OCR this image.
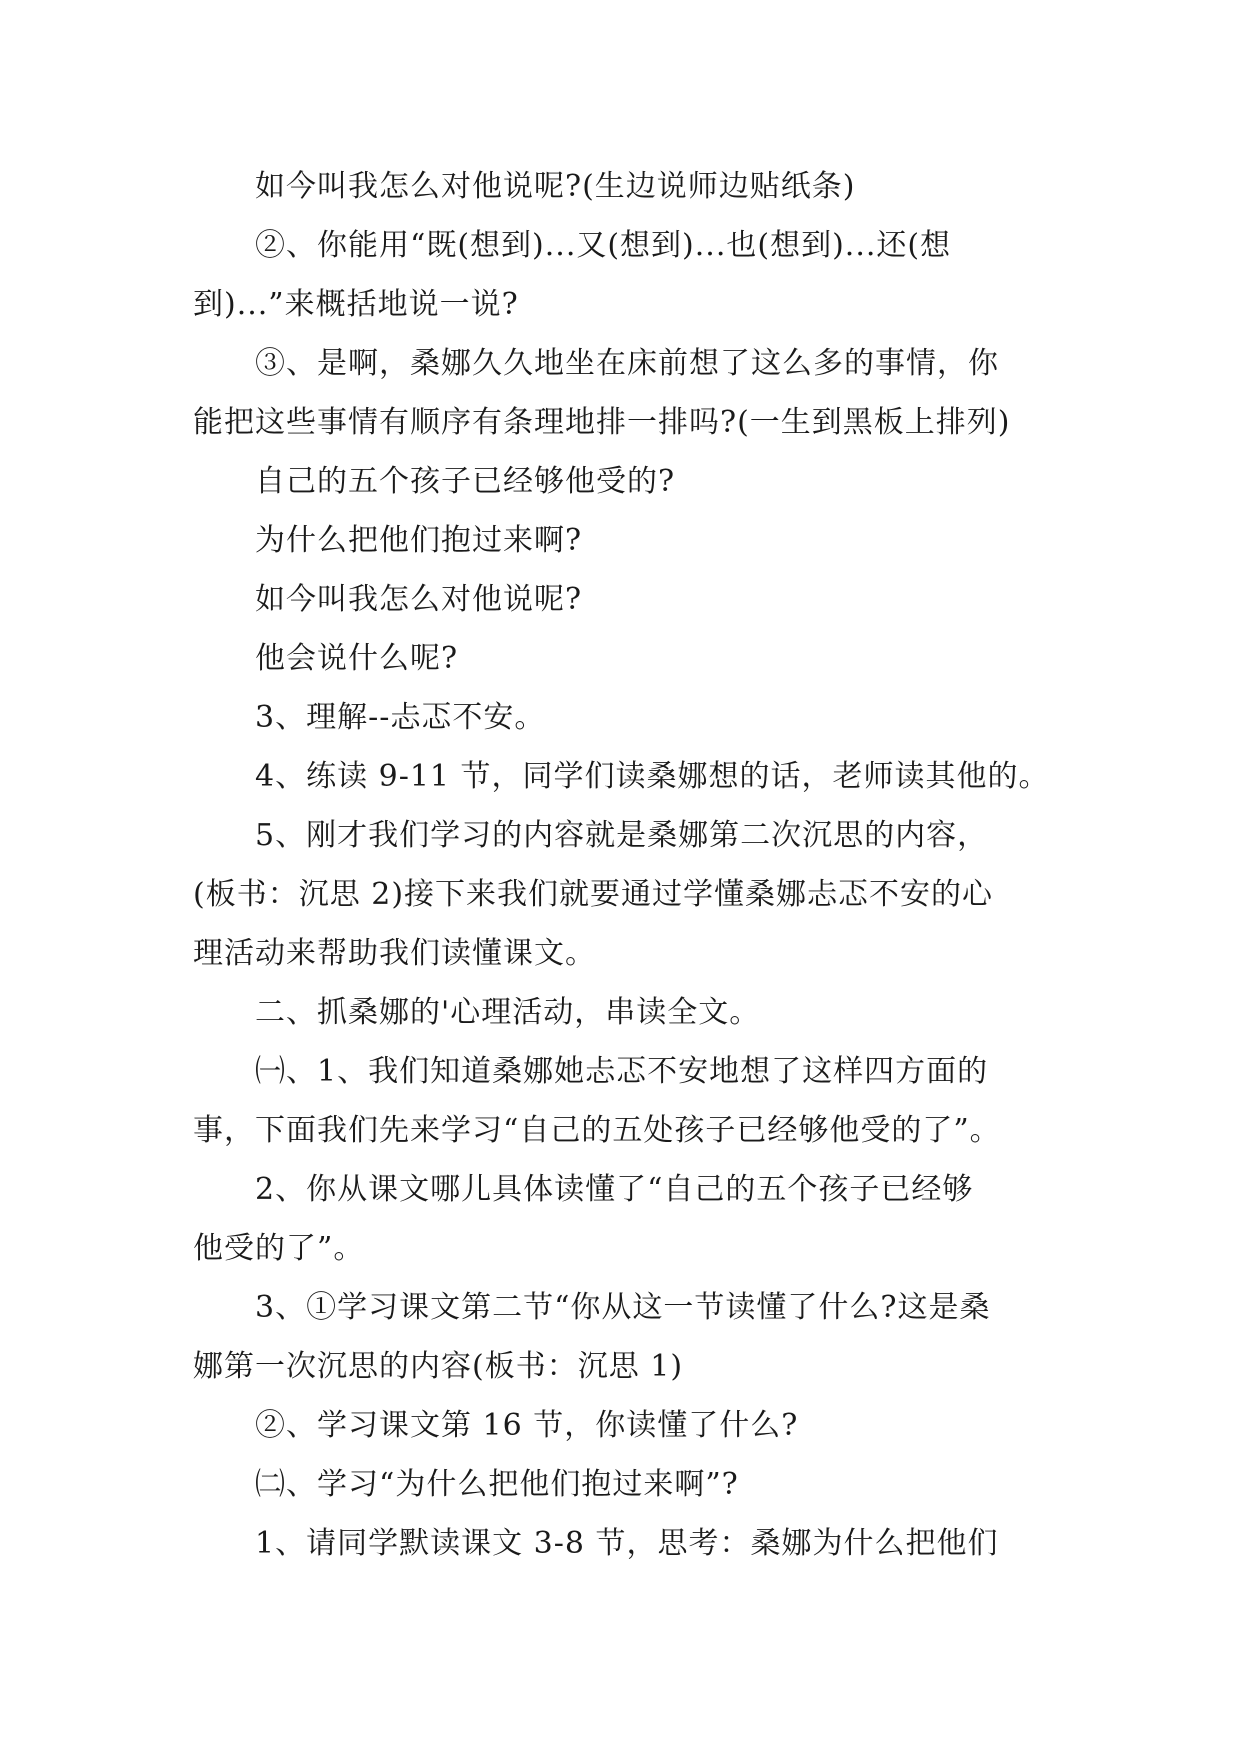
如今叫我怎么对他说呢?(生边说师边贴纸条)
②、你能用“既(想到)...又(想到)...也(想到)...还(想
到)...”来概括地说一说?
③、是啊，桑娜久久地坐在床前想了这么多的事情，你
能把这些事情有顺序有条理地排一排吗?(一生到黑板上排列)
自己的五个孩子已经够他受的?
为什么把他们抱过来啊?
如今叫我怎么对他说呢?
他会说什么呢?
3、理解--忐忑不安。
4、练读 9-11 节，同学们读桑娜想的话，老师读其他的。
5、刚才我们学习的内容就是桑娜第二次沉思的内容，
(板书：沉思 2)接下来我们就要通过学懂桑娜忐忑不安的心
理活动来帮助我们读懂课文。
二、抓桑娜的'心理活动，串读全文。
㈠、1、我们知道桑娜她忐忑不安地想了这样四方面的
事，下面我们先来学习“自己的五处孩子已经够他受的了”。
2、你从课文哪儿具体读懂了“自己的五个孩子已经够
他受的了”。
3、①学习课文第二节“你从这一节读懂了什么?这是桑
娜第一次沉思的内容(板书：沉思 1)
②、学习课文第 16 节，你读懂了什么?
㈡、学习“为什么把他们抱过来啊”?
1、请同学默读课文 3-8 节，思考：桑娜为什么把他们
